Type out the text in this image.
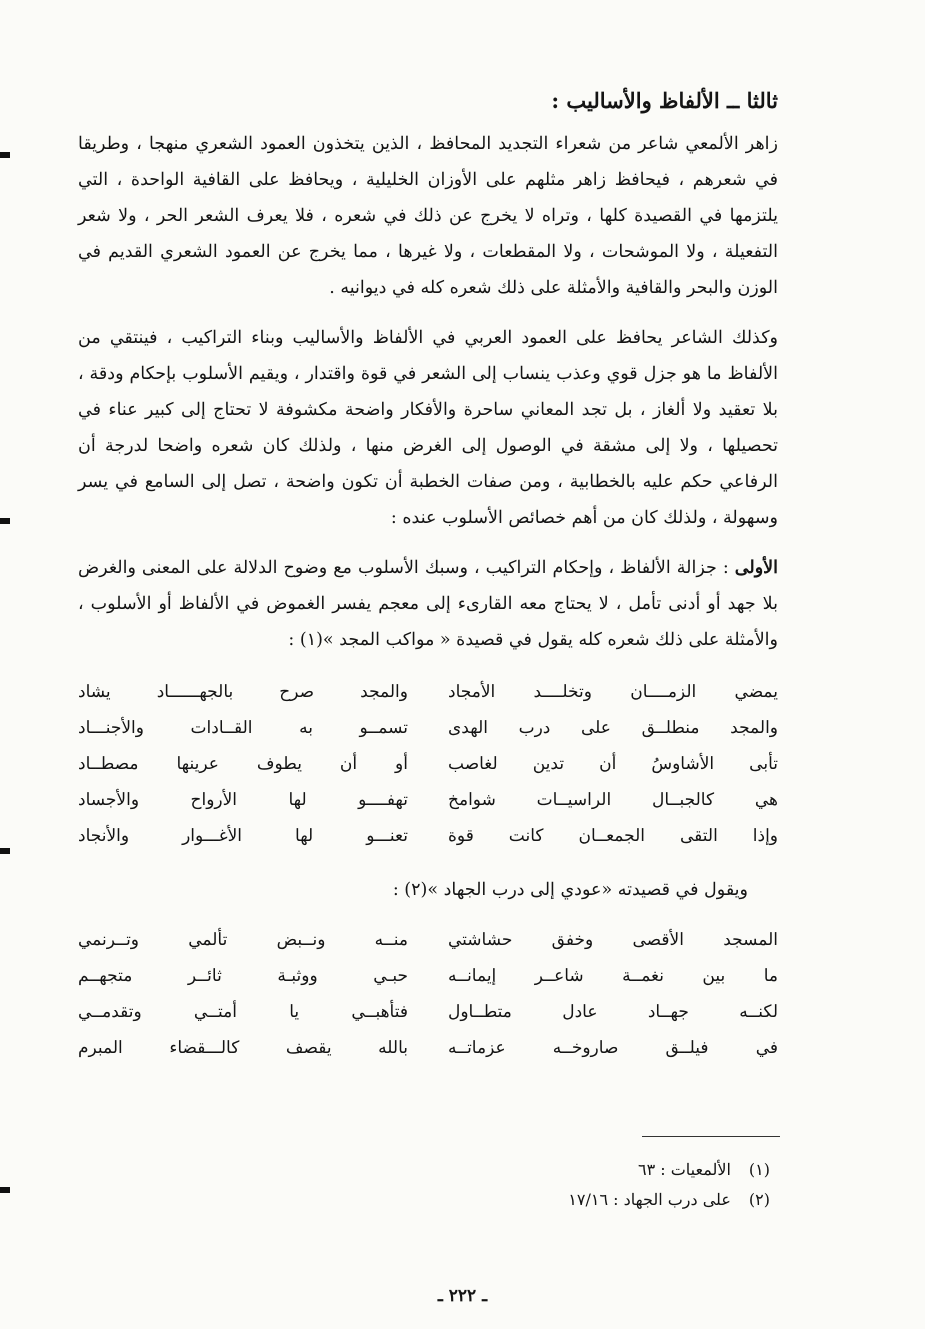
ثالثا ــ الألفاظ والأساليب :

زاهر الألمعي شاعر من شعراء التجديد المحافظ ، الذين يتخذون العمود الشعري منهجا ، وطريقا في شعرهم ، فيحافظ زاهر مثلهم على الأوزان الخليلية ، ويحافظ على القافية الواحدة ، التي يلتزمها في القصيدة كلها ، وتراه لا يخرج عن ذلك في شعره ، فلا يعرف الشعر الحر ، ولا شعر التفعيلة ، ولا الموشحات ، ولا المقطعات ، ولا غيرها ، مما يخرج عن العمود الشعري القديم في الوزن والبحر والقافية والأمثلة على ذلك شعره كله في ديوانيه .

وكذلك الشاعر يحافظ على العمود العربي في الألفاظ والأساليب وبناء التراكيب ، فينتقي من الألفاظ ما هو جزل قوي وعذب ينساب إلى الشعر في قوة واقتدار ، ويقيم الأسلوب بإحكام ودقة ، بلا تعقيد ولا ألغاز ، بل تجد المعاني ساحرة والأفكار واضحة مكشوفة لا تحتاج إلى كبير عناء في تحصيلها ، ولا إلى مشقة في الوصول إلى الغرض منها ، ولذلك كان شعره واضحا لدرجة أن الرفاعي حكم عليه بالخطابية ، ومن صفات الخطبة أن تكون واضحة ، تصل إلى السامع في يسر وسهولة ، ولذلك كان من أهم خصائص الأسلوب عنده :

الأولى : جزالة الألفاظ ، وإحكام التراكيب ، وسبك الأسلوب مع وضوح الدلالة على المعنى والغرض بلا جهد أو أدنى تأمل ، لا يحتاج معه القارىء إلى معجم يفسر الغموض في الألفاظ أو الأسلوب ، والأمثلة على ذلك شعره كله يقول في قصيدة « مواكب المجد »(١) :

يمضي الزمــــان وتخلــــد الأمجاد
والمجد صرح بالجهــــــاد يشاد
والمجد منطلــق على درب الهدى
تسمــو به القــادات والأجنـــاد
تأبى الأشاوسُ أن تدين لغاصب
أو أن يطوف عرينها مصطــاد
هي كالجبــال الراسيــات شوامخ
تهفــــو لها الأرواح والأجساد
وإذا التقى الجمعــان كانت قوة
تعنـــو لها الأغـــوار والأنجاد
ويقول في قصيدته «عودي إلى درب الجهاد »(٢) :
المسجد الأقصى وخفق حشاشتي
منــه ونــبض تألمي وتــرنمي
ما بين نغمــة شاعــر إيمانــه
حبـي ووثبـة ثائــر متجهــم
لكنــه جهــاد عادل متطــاول
فتأهبــي يا أمتــي وتقدمــي
في فيلــق صاروخــه عزماتــه
بالله يقصف كالـــقضاء المبرم
(١)
الألمعيات : ٦٣
(٢)
على درب الجهاد : ١٧/١٦
ـ ٢٢٢ ـ
